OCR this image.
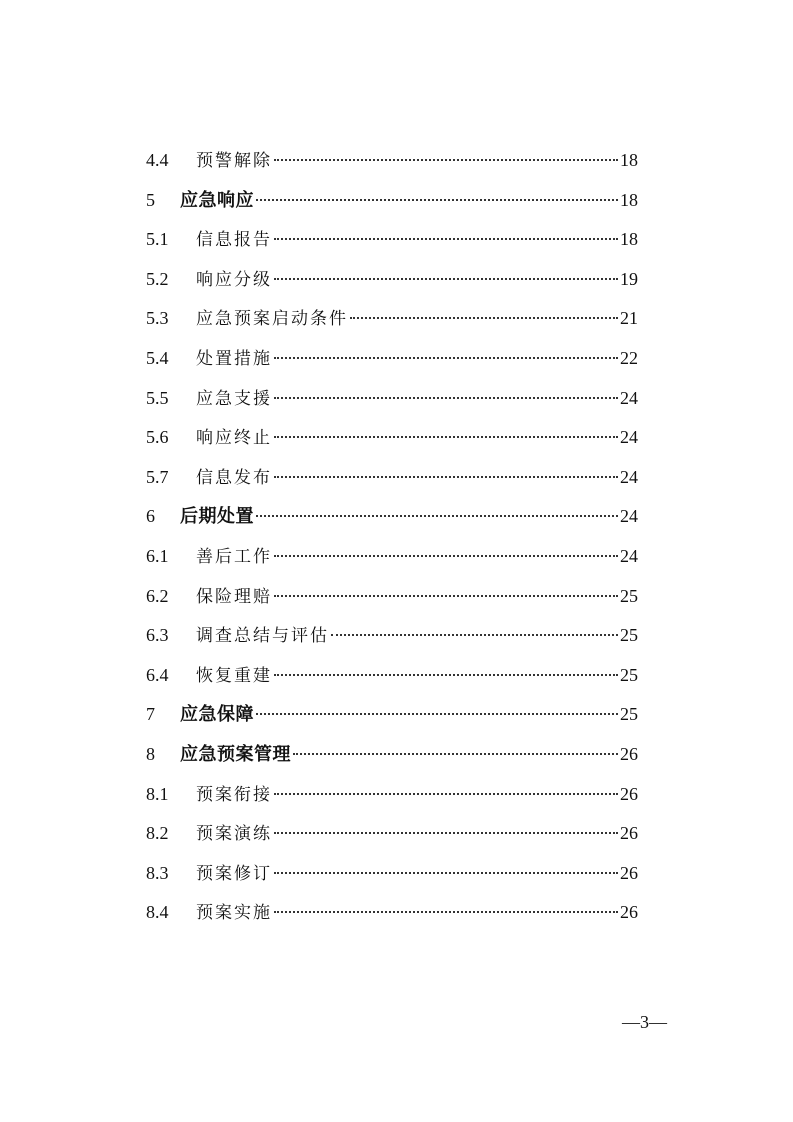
4.4	预警解除	18
5	应急响应	18
5.1	信息报告	18
5.2	响应分级	19
5.3	应急预案启动条件	21
5.4	处置措施	22
5.5	应急支援	24
5.6	响应终止	24
5.7	信息发布	24
6	后期处置	24
6.1	善后工作	24
6.2	保险理赔	25
6.3	调查总结与评估	25
6.4	恢复重建	25
7	应急保障	25
8	应急预案管理	26
8.1	预案衔接	26
8.2	预案演练	26
8.3	预案修订	26
8.4	预案实施	26
—3—
